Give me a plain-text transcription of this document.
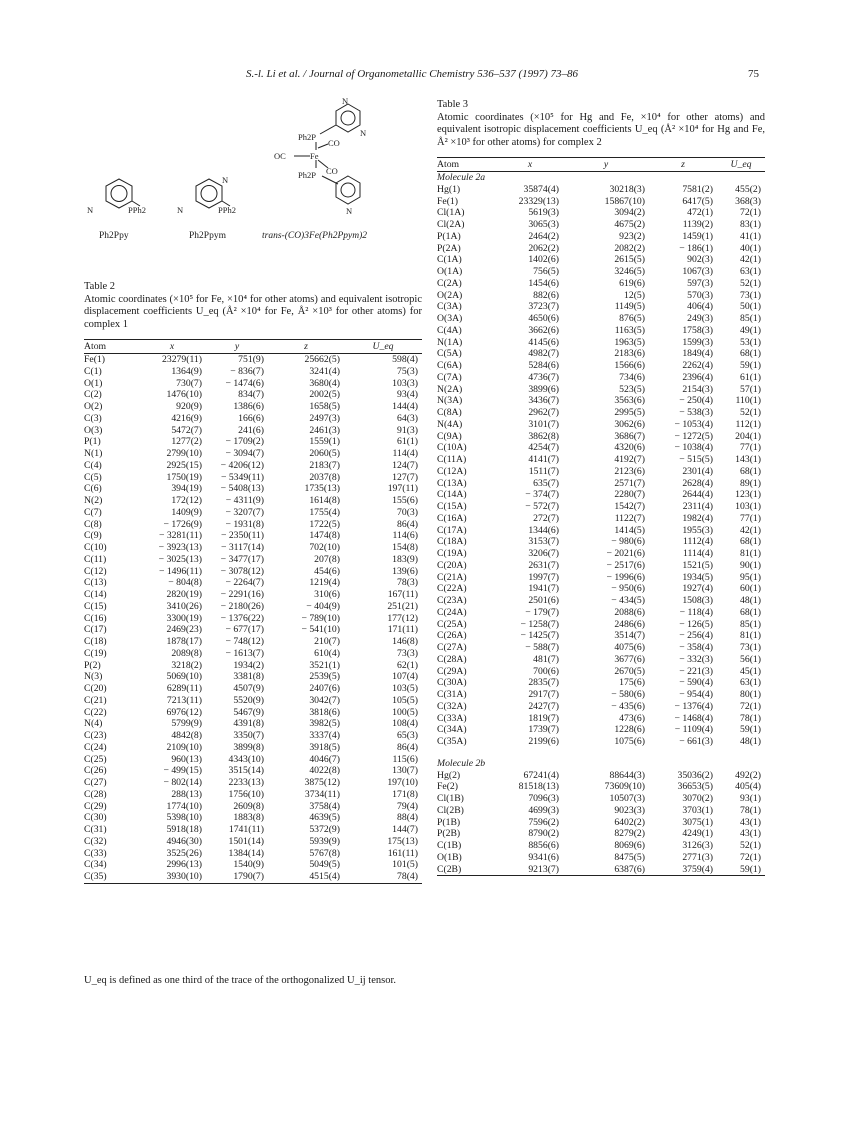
S.-l. Li et al. / Journal of Organometallic Chemistry 536–537 (1997) 73–86	75
N	PPh2	N
N
PPh2
N
N
Ph2P
CO
OC	Fe
CO
Ph2P
N
Ph2Ppy	Ph2Ppym	trans-(CO)3Fe(Ph2Ppym)2
Table 2
Atomic coordinates (×10⁵ for Fe, ×10⁴ for other atoms) and equivalent isotropic displacement coefficients U_eq (Å² ×10⁴ for Fe, Å² ×10³ for other atoms) for complex 1
Atom	x	y	z	U_eq
Fe(1)	23279(11)	751(9)	25662(5)	598(4)
C(1)	1364(9)	− 836(7)	3241(4)	75(3)
O(1)	730(7)	− 1474(6)	3680(4)	103(3)
C(2)	1476(10)	834(7)	2002(5)	93(4)
O(2)	920(9)	1386(6)	1658(5)	144(4)
C(3)	4216(9)	166(6)	2497(3)	64(3)
O(3)	5472(7)	241(6)	2461(3)	91(3)
P(1)	1277(2)	− 1709(2)	1559(1)	61(1)
N(1)	2799(10)	− 3094(7)	2060(5)	114(4)
C(4)	2925(15)	− 4206(12)	2183(7)	124(7)
C(5)	1750(19)	− 5349(11)	2037(8)	127(7)
C(6)	394(19)	− 5408(13)	1735(13)	197(11)
N(2)	172(12)	− 4311(9)	1614(8)	155(6)
C(7)	1409(9)	− 3207(7)	1755(4)	70(3)
C(8)	− 1726(9)	− 1931(8)	1722(5)	86(4)
C(9)	− 3281(11)	− 2350(11)	1474(8)	114(6)
C(10)	− 3923(13)	− 3117(14)	702(10)	154(8)
C(11)	− 3025(13)	− 3477(17)	207(8)	183(9)
C(12)	− 1496(11)	− 3078(12)	454(6)	139(6)
C(13)	− 804(8)	− 2264(7)	1219(4)	78(3)
C(14)	2820(19)	− 2291(16)	310(6)	167(11)
C(15)	3410(26)	− 2180(26)	− 404(9)	251(21)
C(16)	3300(19)	− 1376(22)	− 789(10)	177(12)
C(17)	2469(23)	− 677(17)	− 541(10)	171(11)
C(18)	1878(17)	− 748(12)	210(7)	146(8)
C(19)	2089(8)	− 1613(7)	610(4)	73(3)
P(2)	3218(2)	1934(2)	3521(1)	62(1)
N(3)	5069(10)	3381(8)	2539(5)	107(4)
C(20)	6289(11)	4507(9)	2407(6)	103(5)
C(21)	7213(11)	5520(9)	3042(7)	105(5)
C(22)	6976(12)	5467(9)	3818(6)	100(5)
N(4)	5799(9)	4391(8)	3982(5)	108(4)
C(23)	4842(8)	3350(7)	3337(4)	65(3)
C(24)	2109(10)	3899(8)	3918(5)	86(4)
C(25)	960(13)	4343(10)	4046(7)	115(6)
C(26)	− 499(15)	3515(14)	4022(8)	130(7)
C(27)	− 802(14)	2233(13)	3875(12)	197(10)
C(28)	288(13)	1756(10)	3734(11)	171(8)
C(29)	1774(10)	2609(8)	3758(4)	79(4)
C(30)	5398(10)	1883(8)	4639(5)	88(4)
C(31)	5918(18)	1741(11)	5372(9)	144(7)
C(32)	4946(30)	1501(14)	5939(9)	175(13)
C(33)	3525(26)	1384(14)	5767(8)	161(11)
C(34)	2996(13)	1540(9)	5049(5)	101(5)
C(35)	3930(10)	1790(7)	4515(4)	78(4)
U_eq is defined as one third of the trace of the orthogonalized U_ij tensor.
Table 3
Atomic coordinates (×10⁵ for Hg and Fe, ×10⁴ for other atoms) and equivalent isotropic displacement coefficients U_eq (Å² ×10⁴ for Hg and Fe, Å² ×10³ for other atoms) for complex 2
Atom	x	y	z	U_eq
Molecule 2a				
Hg(1)	35874(4)	30218(3)	7581(2)	455(2)
Fe(1)	23329(13)	15867(10)	6417(5)	368(3)
Cl(1A)	5619(3)	3094(2)	472(1)	72(1)
Cl(2A)	3065(3)	4675(2)	1139(2)	83(1)
P(1A)	2464(2)	923(2)	1459(1)	41(1)
P(2A)	2062(2)	2082(2)	− 186(1)	40(1)
C(1A)	1402(6)	2615(5)	902(3)	42(1)
O(1A)	756(5)	3246(5)	1067(3)	63(1)
C(2A)	1454(6)	619(6)	597(3)	52(1)
O(2A)	882(6)	12(5)	570(3)	73(1)
C(3A)	3723(7)	1149(5)	406(4)	50(1)
O(3A)	4650(6)	876(5)	249(3)	85(1)
C(4A)	3662(6)	1163(5)	1758(3)	49(1)
N(1A)	4145(6)	1963(5)	1599(3)	53(1)
C(5A)	4982(7)	2183(6)	1849(4)	68(1)
C(6A)	5284(6)	1566(6)	2262(4)	59(1)
C(7A)	4736(7)	734(6)	2396(4)	61(1)
N(2A)	3899(6)	523(5)	2154(3)	57(1)
N(3A)	3436(7)	3563(6)	− 250(4)	110(1)
C(8A)	2962(7)	2995(5)	− 538(3)	52(1)
N(4A)	3101(7)	3062(6)	− 1053(4)	112(1)
C(9A)	3862(8)	3686(7)	− 1272(5)	204(1)
C(10A)	4254(7)	4320(6)	− 1038(4)	77(1)
C(11A)	4141(7)	4192(7)	− 515(5)	143(1)
C(12A)	1511(7)	2123(6)	2301(4)	68(1)
C(13A)	635(7)	2571(7)	2628(4)	89(1)
C(14A)	− 374(7)	2280(7)	2644(4)	123(1)
C(15A)	− 572(7)	1542(7)	2311(4)	103(1)
C(16A)	272(7)	1122(7)	1982(4)	77(1)
C(17A)	1344(6)	1414(5)	1955(3)	42(1)
C(18A)	3153(7)	− 980(6)	1112(4)	68(1)
C(19A)	3206(7)	− 2021(6)	1114(4)	81(1)
C(20A)	2631(7)	− 2517(6)	1521(5)	90(1)
C(21A)	1997(7)	− 1996(6)	1934(5)	95(1)
C(22A)	1941(7)	− 950(6)	1927(4)	60(1)
C(23A)	2501(6)	− 434(5)	1508(3)	48(1)
C(24A)	− 179(7)	2088(6)	− 118(4)	68(1)
C(25A)	− 1258(7)	2486(6)	− 126(5)	85(1)
C(26A)	− 1425(7)	3514(7)	− 256(4)	81(1)
C(27A)	− 588(7)	4075(6)	− 358(4)	73(1)
C(28A)	481(7)	3677(6)	− 332(3)	56(1)
C(29A)	700(6)	2670(5)	− 221(3)	45(1)
C(30A)	2835(7)	175(6)	− 590(4)	63(1)
C(31A)	2917(7)	− 580(6)	− 954(4)	80(1)
C(32A)	2427(7)	− 435(6)	− 1376(4)	72(1)
C(33A)	1819(7)	473(6)	− 1468(4)	78(1)
C(34A)	1739(7)	1228(6)	− 1109(4)	59(1)
C(35A)	2199(6)	1075(6)	− 661(3)	48(1)

Molecule 2b				
Hg(2)	67241(4)	88644(3)	35036(2)	492(2)
Fe(2)	81518(13)	73609(10)	36653(5)	405(4)
Cl(1B)	7096(3)	10507(3)	3070(2)	93(1)
Cl(2B)	4699(3)	9023(3)	3703(1)	78(1)
P(1B)	7596(2)	6402(2)	3075(1)	43(1)
P(2B)	8790(2)	8279(2)	4249(1)	43(1)
C(1B)	8856(6)	8069(6)	3126(3)	52(1)
O(1B)	9341(6)	8475(5)	2771(3)	72(1)
C(2B)	9213(7)	6387(6)	3759(4)	59(1)
